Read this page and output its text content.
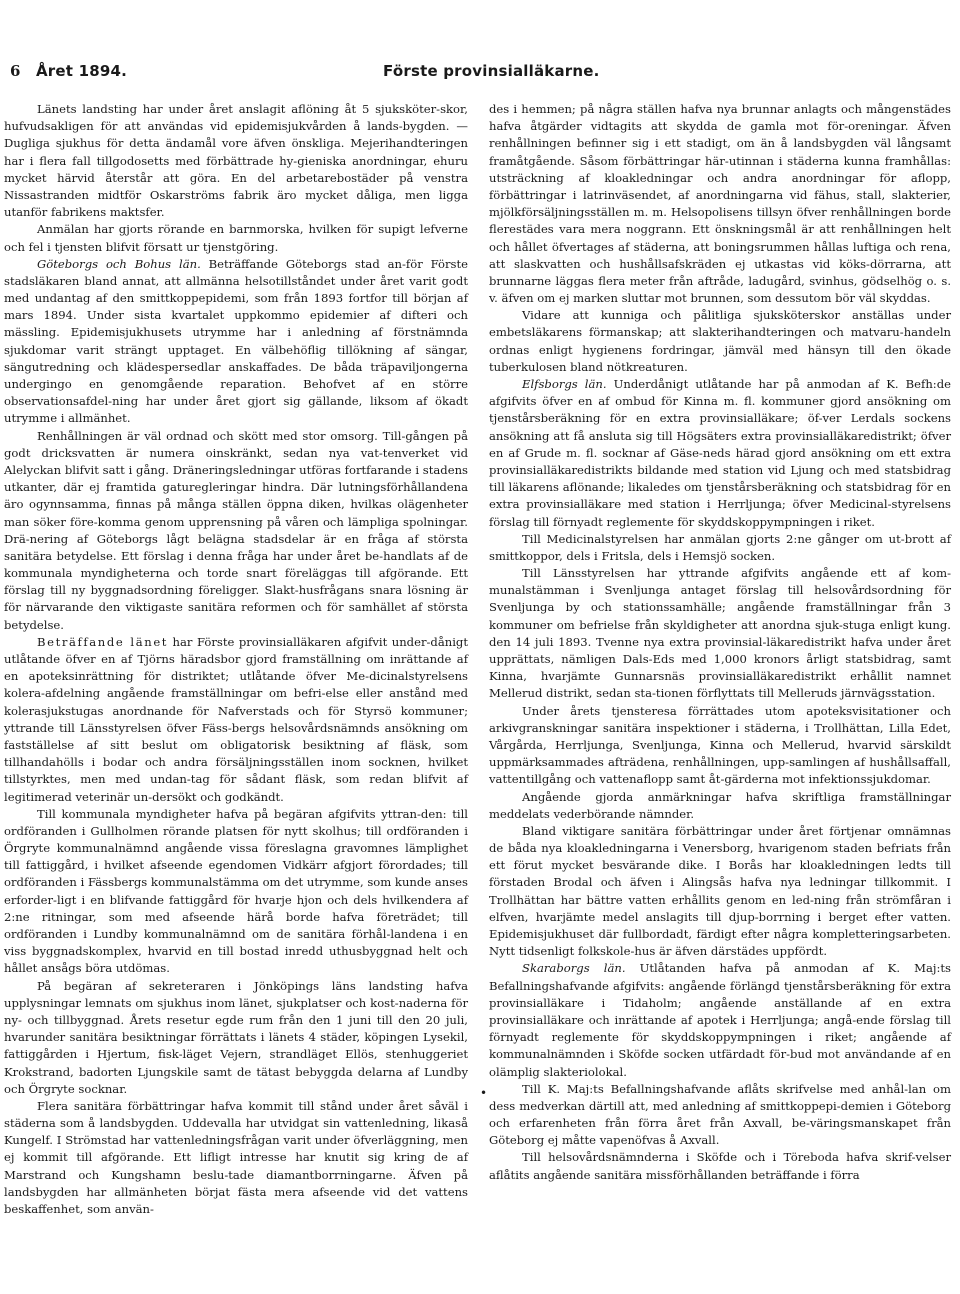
6 Året 1894.	Förste provinsialläkarne.

Länets landsting har under året anslagit aflöning åt 5 sjuksköter-skor, hufvudsakligen för att användas vid epidemisjukvården å lands-bygden. — Dugliga sjukhus för detta ändamål vore äfven önskliga. Mejerihandteringen har i flera fall tillgodosetts med förbättrade hy-gieniska anordningar, ehuru mycket härvid återstår att göra. En del arbetarebostäder på venstra Nissastranden midtför Oskarströms fabrik äro mycket dåliga, men ligga utanför fabrikens maktsfer.

Anmälan har gjorts rörande en barnmorska, hvilken för supigt lefverne och fel i tjensten blifvit försatt ur tjenstgöring.

Göteborgs och Bohus län. Beträffande Göteborgs stad an-för Förste stadsläkaren bland annat, att allmänna helsotillståndet under året varit godt med undantag af den smittkoppepidemi, som från 1893 fortfor till början af mars 1894. Under sista kvartalet uppkommo epidemier af difteri och mässling. Epidemisjukhusets utrymme har i anledning af förstnämnda sjukdomar varit strängt upptaget. En välbehöflig tillökning af sängar, sängutredning och klädespersedlar anskaffades. De båda träpaviljongerna undergingo en genomgående reparation. Behofvet af en större observationsafdel-ning har under året gjort sig gällande, liksom af ökadt utrymme i allmänhet.

Renhållningen är väl ordnad och skött med stor omsorg. Till-gången på godt dricksvatten är numera oinskränkt, sedan nya vat-tenverket vid Alelyckan blifvit satt i gång. Dräneringsledningar utföras fortfarande i stadens utkanter, där ej framtida gaturegleringar hindra. Där lutningsförhållandena äro ogynnsamma, finnas på många ställen öppna diken, hvilkas olägenheter man söker före-komma genom upprensning på våren och lämpliga spolningar. Drä-nering af Göteborgs lågt belägna stadsdelar är en fråga af största sanitära betydelse. Ett förslag i denna fråga har under året be-handlats af de kommunala myndigheterna och torde snart föreläggas till afgörande. Ett förslag till ny byggnadsordning föreligger. Slakt-husfrågans snara lösning är för närvarande den viktigaste sanitära reformen och för samhället af största betydelse.

Beträffande länet har Förste provinsialläkaren afgifvit under-dånigt utlåtande öfver en af Tjörns häradsbor gjord framställning om inrättande af en apoteksinrättning för distriktet; utlåtande öfver Me-dicinalstyrelsens kolera-afdelning angående framställningar om befri-else eller anstånd med kolerasjukstugas anordnande för Nafverstads och för Styrsö kommuner; yttrande till Länsstyrelsen öfver Fäss-bergs helsovårdsnämnds ansökning om fastställelse af sitt beslut om obligatorisk besiktning af fläsk, som tillhandahölls i bodar och andra försäljningsställen inom socknen, hvilket tillstyrktes, men med undan-tag för sådant fläsk, som redan blifvit af legitimerad veterinär un-dersökt och godkändt.

Till kommunala myndigheter hafva på begäran afgifvits yttran-den: till ordföranden i Gullholmen rörande platsen för nytt skolhus; till ordföranden i Örgryte kommunalnämnd angående vissa föreslagna gravomnes lämplighet till fattiggård, i hvilket afseende egendomen Vidkärr afgjort förordades; till ordföranden i Fässbergs kommunalstämma om det utrymme, som kunde anses erforder-ligt i en blifvande fattiggård för hvarje hjon och dels hvilkendera af 2:ne ritningar, som med afseende härå borde hafva företrädet; till ordföranden i Lundby kommunalnämnd om de sanitära förhål-landena i en viss byggnadskomplex, hvarvid en till bostad inredd uthusbyggnad helt och hållet ansågs böra utdömas.

På begäran af sekreteraren i Jönköpings läns landsting hafva upplysningar lemnats om sjukhus inom länet, sjukplatser och kost-naderna för ny- och tillbyggnad. Årets resetur egde rum från den 1 juni till den 20 juli, hvarunder sanitära besiktningar förrättats i länets 4 städer, köpingen Lysekil, fattiggården i Hjertum, fisk-läget Vejern, strandläget Ellös, stenhuggeriet Krokstrand, badorten Ljungskile samt de tätast bebyggda delarna af Lundby och Örgryte socknar.

Flera sanitära förbättringar hafva kommit till stånd under året såväl i städerna som å landsbygden. Uddevalla har utvidgat sin vattenledning, likaså Kungelf. I Strömstad har vattenledningsfrågan varit under öfverläggning, men ej kommit till afgörande. Ett lifligt intresse har knutit sig kring de af Marstrand och Kungshamn beslu-tade diamantborrningarne. Äfven på landsbygden har allmänheten börjat fästa mera afseende vid det vattens beskaffenhet, som använ-

des i hemmen; på några ställen hafva nya brunnar anlagts och mångenstädes hafva åtgärder vidtagits att skydda de gamla mot för-oreningar. Äfven renhållningen befinner sig i ett stadigt, om än å landsbygden väl långsamt framåtgående. Såsom förbättringar här-utinnan i städerna kunna framhållas: utsträckning af kloakledningar och andra anordningar för aflopp, förbättringar i latrinväsendet, af anordningarna vid fähus, stall, slakterier, mjölkförsäljningsställen m. m. Helsopolisens tillsyn öfver renhållningen borde flerestädes vara mera noggrann. Ett önskningsmål är att renhållningen helt och hållet öfvertages af städerna, att boningsrummen hållas luftiga och rena, att slaskvatten och hushållsafskräden ej utkastas vid köks-dörrarna, att brunnarne läggas flera meter från aftråde, ladugård, svinhus, gödselhög o. s. v. äfven om ej marken sluttar mot brunnen, som dessutom bör väl skyddas.

Vidare att kunniga och pålitliga sjuksköterskor anställas under embetsläkarens förmanskap; att slakterihandteringen och matvaru-handeln ordnas enligt hygienens fordringar, jämväl med hänsyn till den ökade tuberkulosen bland nötkreaturen.

Elfsborgs län. Underdånigt utlåtande har på anmodan af K. Befh:de afgifvits öfver en af ombud för Kinna m. fl. kommuner gjord ansökning om tjenstårsberäkning för en extra provinsialläkare; öf-ver Lerdals sockens ansökning att få ansluta sig till Högsäters extra provinsialläkaredistrikt; öfver en af Grude m. fl. socknar af Gäse-neds härad gjord ansökning om ett extra provinsialläkaredistrikts bildande med station vid Ljung och med statsbidrag till läkarens aflönande; likaledes om tjenstårsberäkning och statsbidrag för en extra provinsialläkare med station i Herrljunga; öfver Medicinal-styrelsens förslag till förnyadt reglemente för skyddskoppympningen i riket.

Till Medicinalstyrelsen har anmälan gjorts 2:ne gånger om ut-brott af smittkoppor, dels i Fritsla, dels i Hemsjö socken.

Till Länsstyrelsen har yttrande afgifvits angående ett af kom-munalstämman i Svenljunga antaget förslag till helsovårdsordning för Svenljunga by och stationssamhälle; angående framställningar från 3 kommuner om befrielse från skyldigheter att anordna sjuk-stuga enligt kung. den 14 juli 1893. Tvenne nya extra provinsial-läkaredistrikt hafva under året upprättats, nämligen Dals-Eds med 1,000 kronors årligt statsbidrag, samt Kinna, hvarjämte Gunnarsnäs provinsialläkaredistrikt erhållit namnet Mellerud distrikt, sedan sta-tionen förflyttats till Melleruds järnvägsstation.

Under årets tjensteresa förrättades utom apoteksvisitationer och arkivgranskningar sanitära inspektioner i städerna, i Trollhättan, Lilla Edet, Vårgårda, Herrljunga, Svenljunga, Kinna och Mellerud, hvarvid särskildt uppmärksammades afträdena, renhållningen, upp-samlingen af hushållsaffall, vattentillgång och vattenaflopp samt åt-gärderna mot infektionssjukdomar.

Angående gjorda anmärkningar hafva skriftliga framställningar meddelats vederbörande nämnder.

Bland viktigare sanitära förbättringar under året förtjenar omnämnas de båda nya kloakledningarna i Venersborg, hvarigenom staden befriats från ett förut mycket besvärande dike. I Borås har kloakledningen ledts till förstaden Brodal och äfven i Alingsås hafva nya ledningar tillkommit. I Trollhättan har bättre vatten erhållits genom en led-ning från strömfåran i elfven, hvarjämte medel anslagits till djup-borrning i berget efter vatten. Epidemisjukhuset där fullbordadt, färdigt efter några kompletteringsarbeten. Nytt tidsenligt folkskole-hus är äfven därstädes uppfördt.

Skaraborgs län. Utlåtanden hafva på anmodan af K. Maj:ts Befallningshafvande afgifvits: angående förlängd tjenstårsberäkning för extra provinsialläkare i Tidaholm; angående anställande af en extra provinsialläkare och inrättande af apotek i Herrljunga; angå-ende förslag till förnyadt reglemente för skyddskoppympningen i riket; angående af kommunalnämnden i Sköfde socken utfärdadt för-bud mot användande af en olämplig slakteriolokal.

Till K. Maj:ts Befallningshafvande aflåts skrifvelse med anhål-lan om dess medverkan därtill att, med anledning af smittkoppepi-demien i Göteborg och erfarenheten från förra året från Axvall, be-väringsmanskapet från Göteborg ej måtte vapenöfvas å Axvall.

Till helsovårdsnämnderna i Sköfde och i Töreboda hafva skrif-velser aflåtits angående sanitära missförhållanden beträffande i förra

•
